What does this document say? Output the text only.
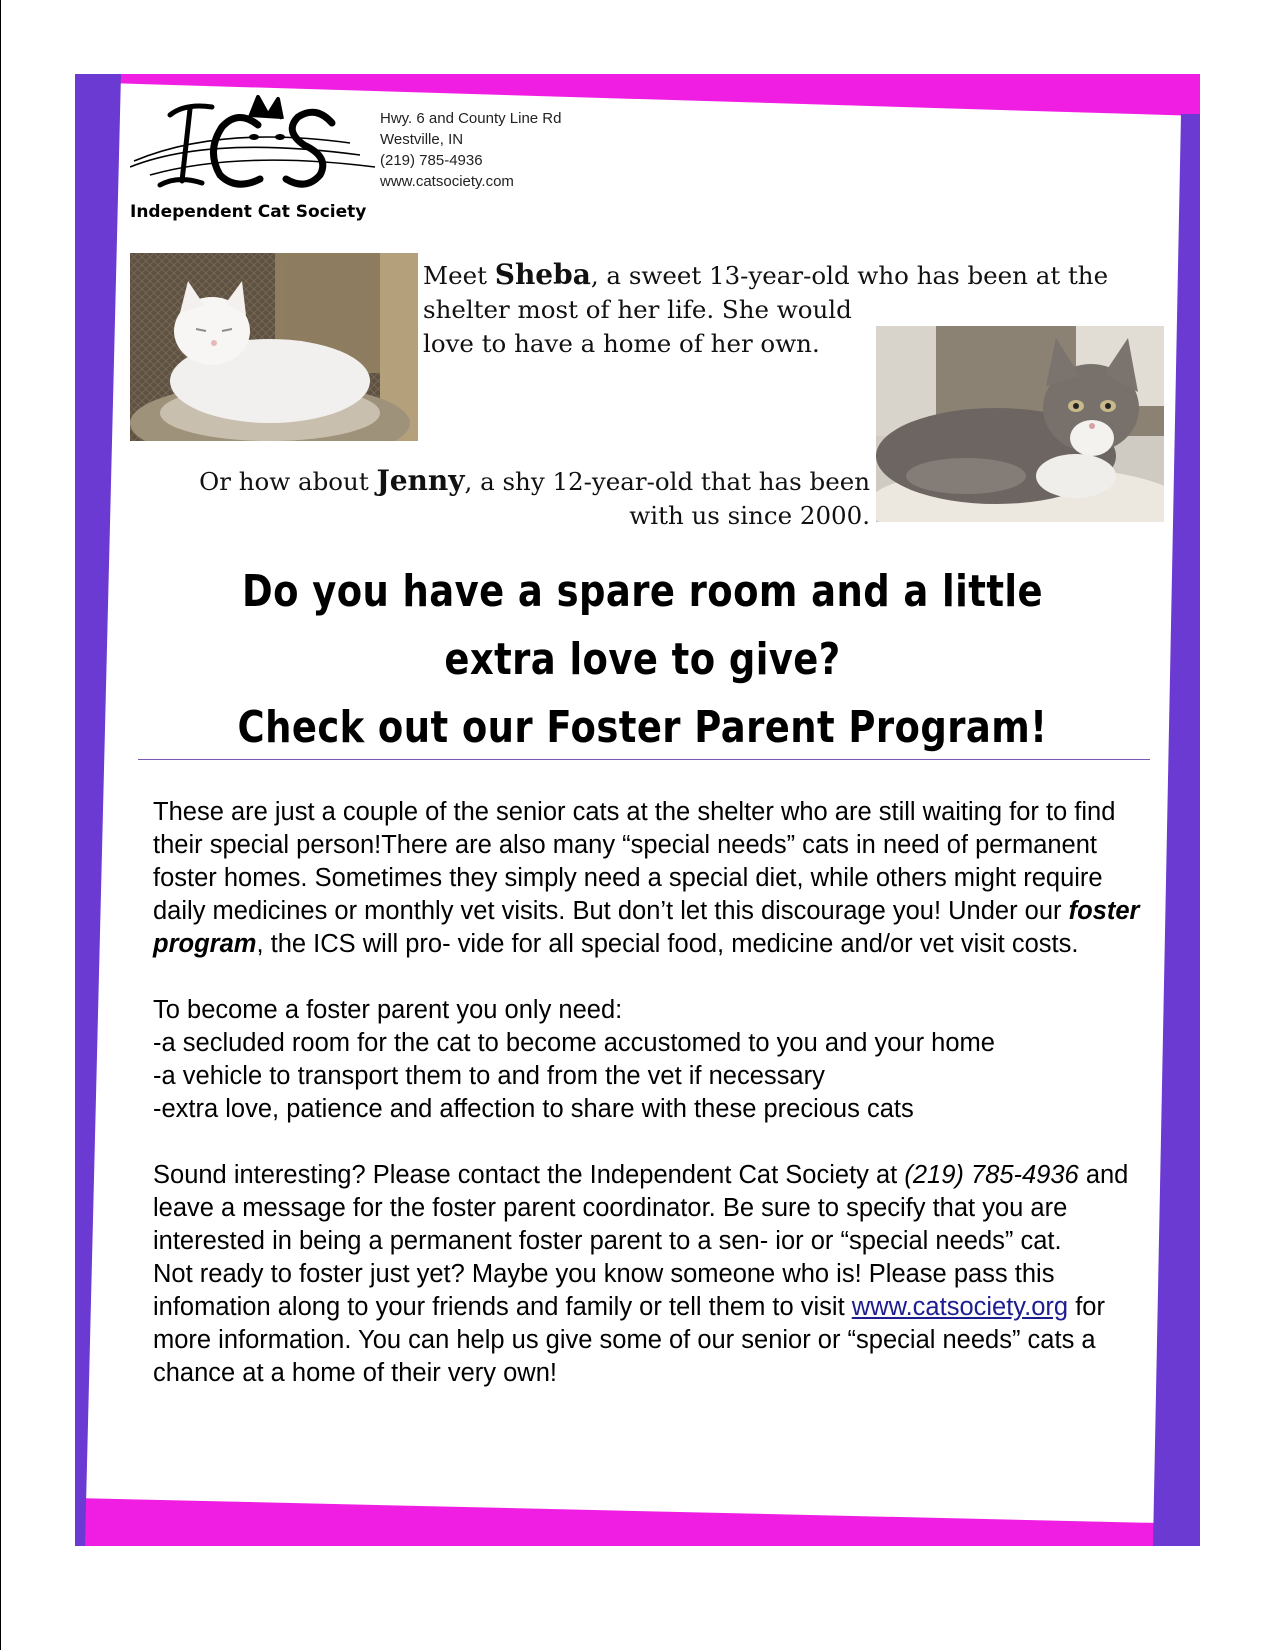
Independent Cat Society
Hwy. 6 and County Line Rd
Westville, IN
(219) 785-4936
www.catsociety.com
Meet Sheba, a sweet 13-year-old who has been at the
shelter most of her life. She would
love to have a home of her own.
Or how about Jenny, a shy 12-year-old that has been
with us since 2000.
Do you have a spare room and a little
extra love to give?
Check out our Foster Parent Program!

These are just a couple of the senior cats at the shelter who are still waiting for to find their special person!There are also many “special needs” cats in need of permanent foster homes. Sometimes they simply need a special diet, while others might require daily medicines or monthly vet visits. But don’t let this discourage you! Under our foster program, the ICS will pro- vide for all special food, medicine and/or vet visit costs.

To become a foster parent you only need:

-a secluded room for the cat to become accustomed to you and your home

-a vehicle to transport them to and from the vet if necessary

-extra love, patience and affection to share with these precious cats

Sound interesting? Please contact the Independent Cat Society at (219) 785-4936 and leave a message for the foster parent coordinator. Be sure to specify that you are interested in being a permanent foster parent to a sen- ior or “special needs” cat.

Not ready to foster just yet? Maybe you know someone who is! Please pass this infomation along to your friends and family or tell them to visit www.catsociety.org for more information. You can help us give some of our senior or “special needs” cats a chance at a home of their very own!
